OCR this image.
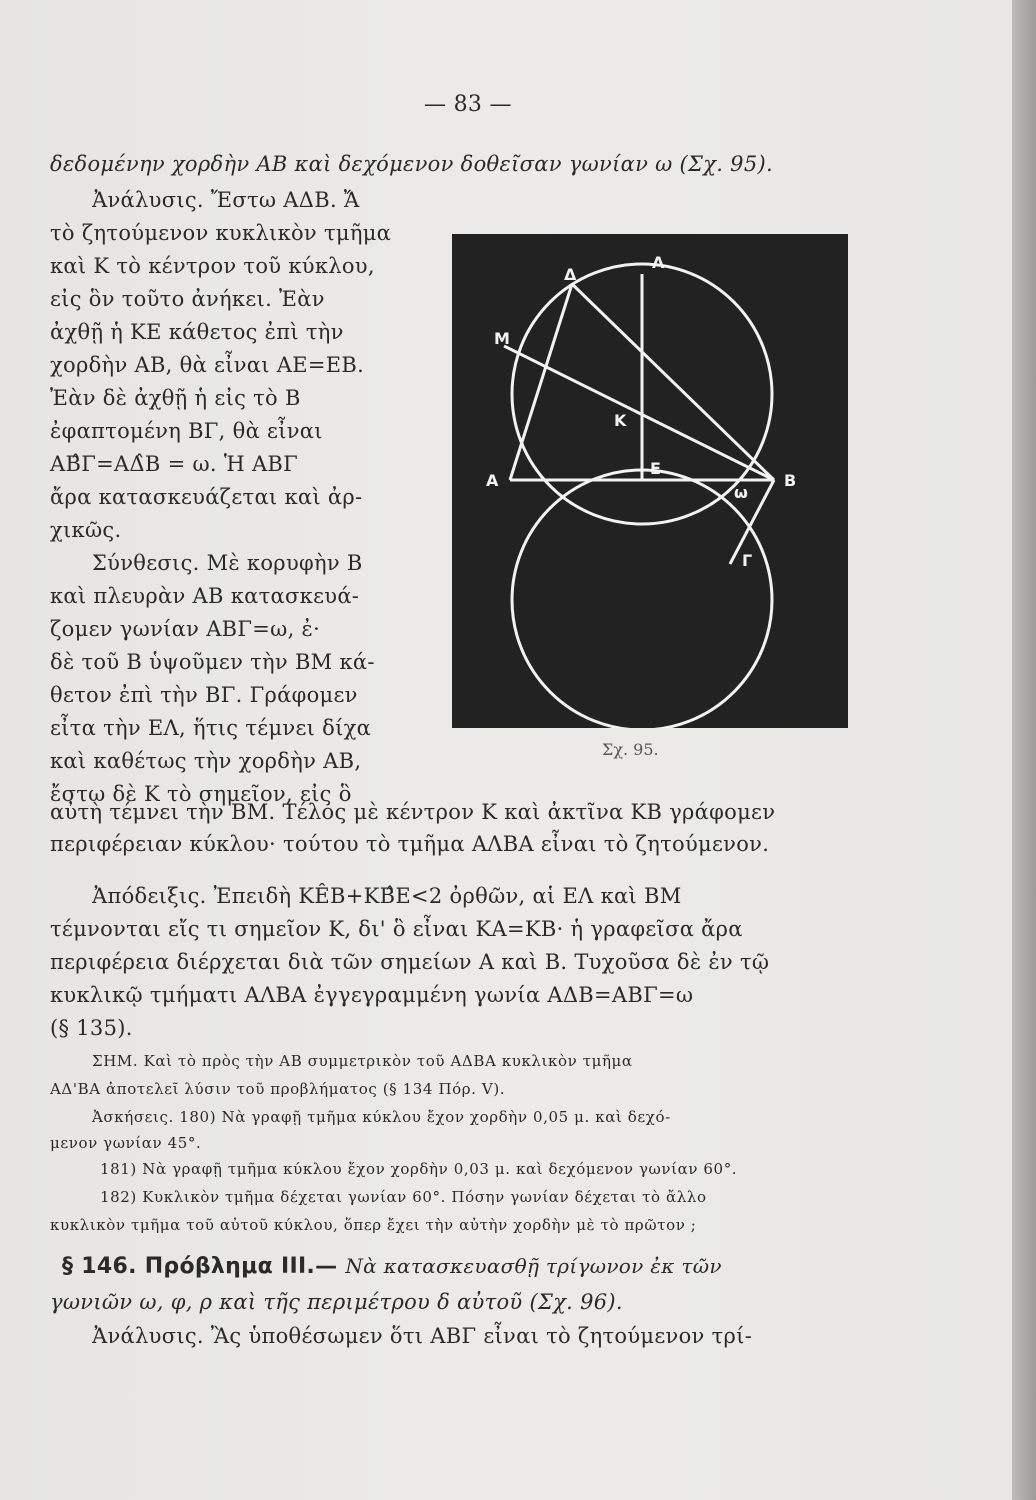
— 83 —
δεδομένην χορδὴν ΑΒ καὶ δεχόμενον δοθεῖσαν γωνίαν ω (Σχ. 95).
Ἀνάλυσις. Ἔστω ΑΔΒ. Ἄ
τὸ ζητούμενον κυκλικὸν τμῆμα
καὶ Κ τὸ κέντρον τοῦ κύκλου,
εἰς ὃν τοῦτο ἀνήκει. Ἐὰν
ἀχθῇ ἡ ΚΕ κάθετος ἐπὶ τὴν
χορδὴν ΑΒ, θὰ εἶναι ΑΕ=ΕΒ.
Ἐὰν δὲ ἀχθῇ ἡ εἰς τὸ Β
ἐφαπτομένη ΒΓ, θὰ εἶναι
ΑΒ̂Γ=ΑΔ̂Β = ω. Ἡ ΑΒΓ
ἄρα κατασκευάζεται καὶ ἀρ-
χικῶς.
Σύνθεσις. Μὲ κορυφὴν Β
καὶ πλευρὰν ΑΒ κατασκευά-
ζομεν γωνίαν ΑΒΓ=ω, ἐ·
δὲ τοῦ Β ὑψοῦμεν τὴν ΒΜ κά-
θετον ἐπὶ τὴν ΒΓ. Γράφομεν
εἶτα τὴν ΕΛ, ἥτις τέμνει δίχα
καὶ καθέτως τὴν χορδὴν ΑΒ,
ἔστω δὲ Κ τὸ σημεῖον, εἰς ὃ
Δ
Λ
Μ
Κ
Ε
Α	Β
ω
Γ
Σχ. 95.
αὐτὴ τέμνει τὴν ΒΜ. Τέλος μὲ κέντρον Κ καὶ ἀκτῖνα ΚΒ γράφομεν
περιφέρειαν κύκλου· τούτου τὸ τμῆμα ΑΛΒΑ εἶναι τὸ ζητούμενον.
Ἀπόδειξις. Ἐπειδὴ ΚÊΒ+ΚΒ̂Ε<2 ὀρθῶν, αἱ ΕΛ καὶ ΒΜ
τέμνονται εἴς τι σημεῖον Κ, δι' ὃ εἶναι ΚΑ=ΚΒ· ἡ γραφεῖσα ἄρα
περιφέρεια διέρχεται διὰ τῶν σημείων Α καὶ Β. Τυχοῦσα δὲ ἐν τῷ
κυκλικῷ τμήματι ΑΛΒΑ ἐγγεγραμμένη γωνία ΑΔΒ=ΑΒΓ=ω
(§ 135).
ΣΗΜ. Καὶ τὸ πρὸς τὴν ΑΒ συμμετρικὸν τοῦ ΑΔΒΑ κυκλικὸν τμῆμα
ΑΔ'ΒΑ ἀποτελεῖ λύσιν τοῦ προβλήματος (§ 134 Πόρ. V).
Ἀσκήσεις. 180) Νὰ γραφῇ τμῆμα κύκλου ἔχον χορδὴν 0,05 μ. καὶ δεχό-
μενον γωνίαν 45°.
181) Νὰ γραφῇ τμῆμα κύκλου ἔχον χορδὴν 0,03 μ. καὶ δεχόμενον γωνίαν 60°.
182) Κυκλικὸν τμῆμα δέχεται γωνίαν 60°. Πόσην γωνίαν δέχεται τὸ ἄλλο
κυκλικὸν τμῆμα τοῦ αὐτοῦ κύκλου, ὅπερ ἔχει τὴν αὐτὴν χορδὴν μὲ τὸ πρῶτον ;
§ 146. Πρόβλημα ΙΙΙ.— Νὰ κατασκευασθῇ τρίγωνον ἐκ τῶν
γωνιῶν ω, φ, ρ καὶ τῆς περιμέτρου δ αὐτοῦ (Σχ. 96).
Ἀνάλυσις. Ἂς ὑποθέσωμεν ὅτι ΑΒΓ εἶναι τὸ ζητούμενον τρί-
